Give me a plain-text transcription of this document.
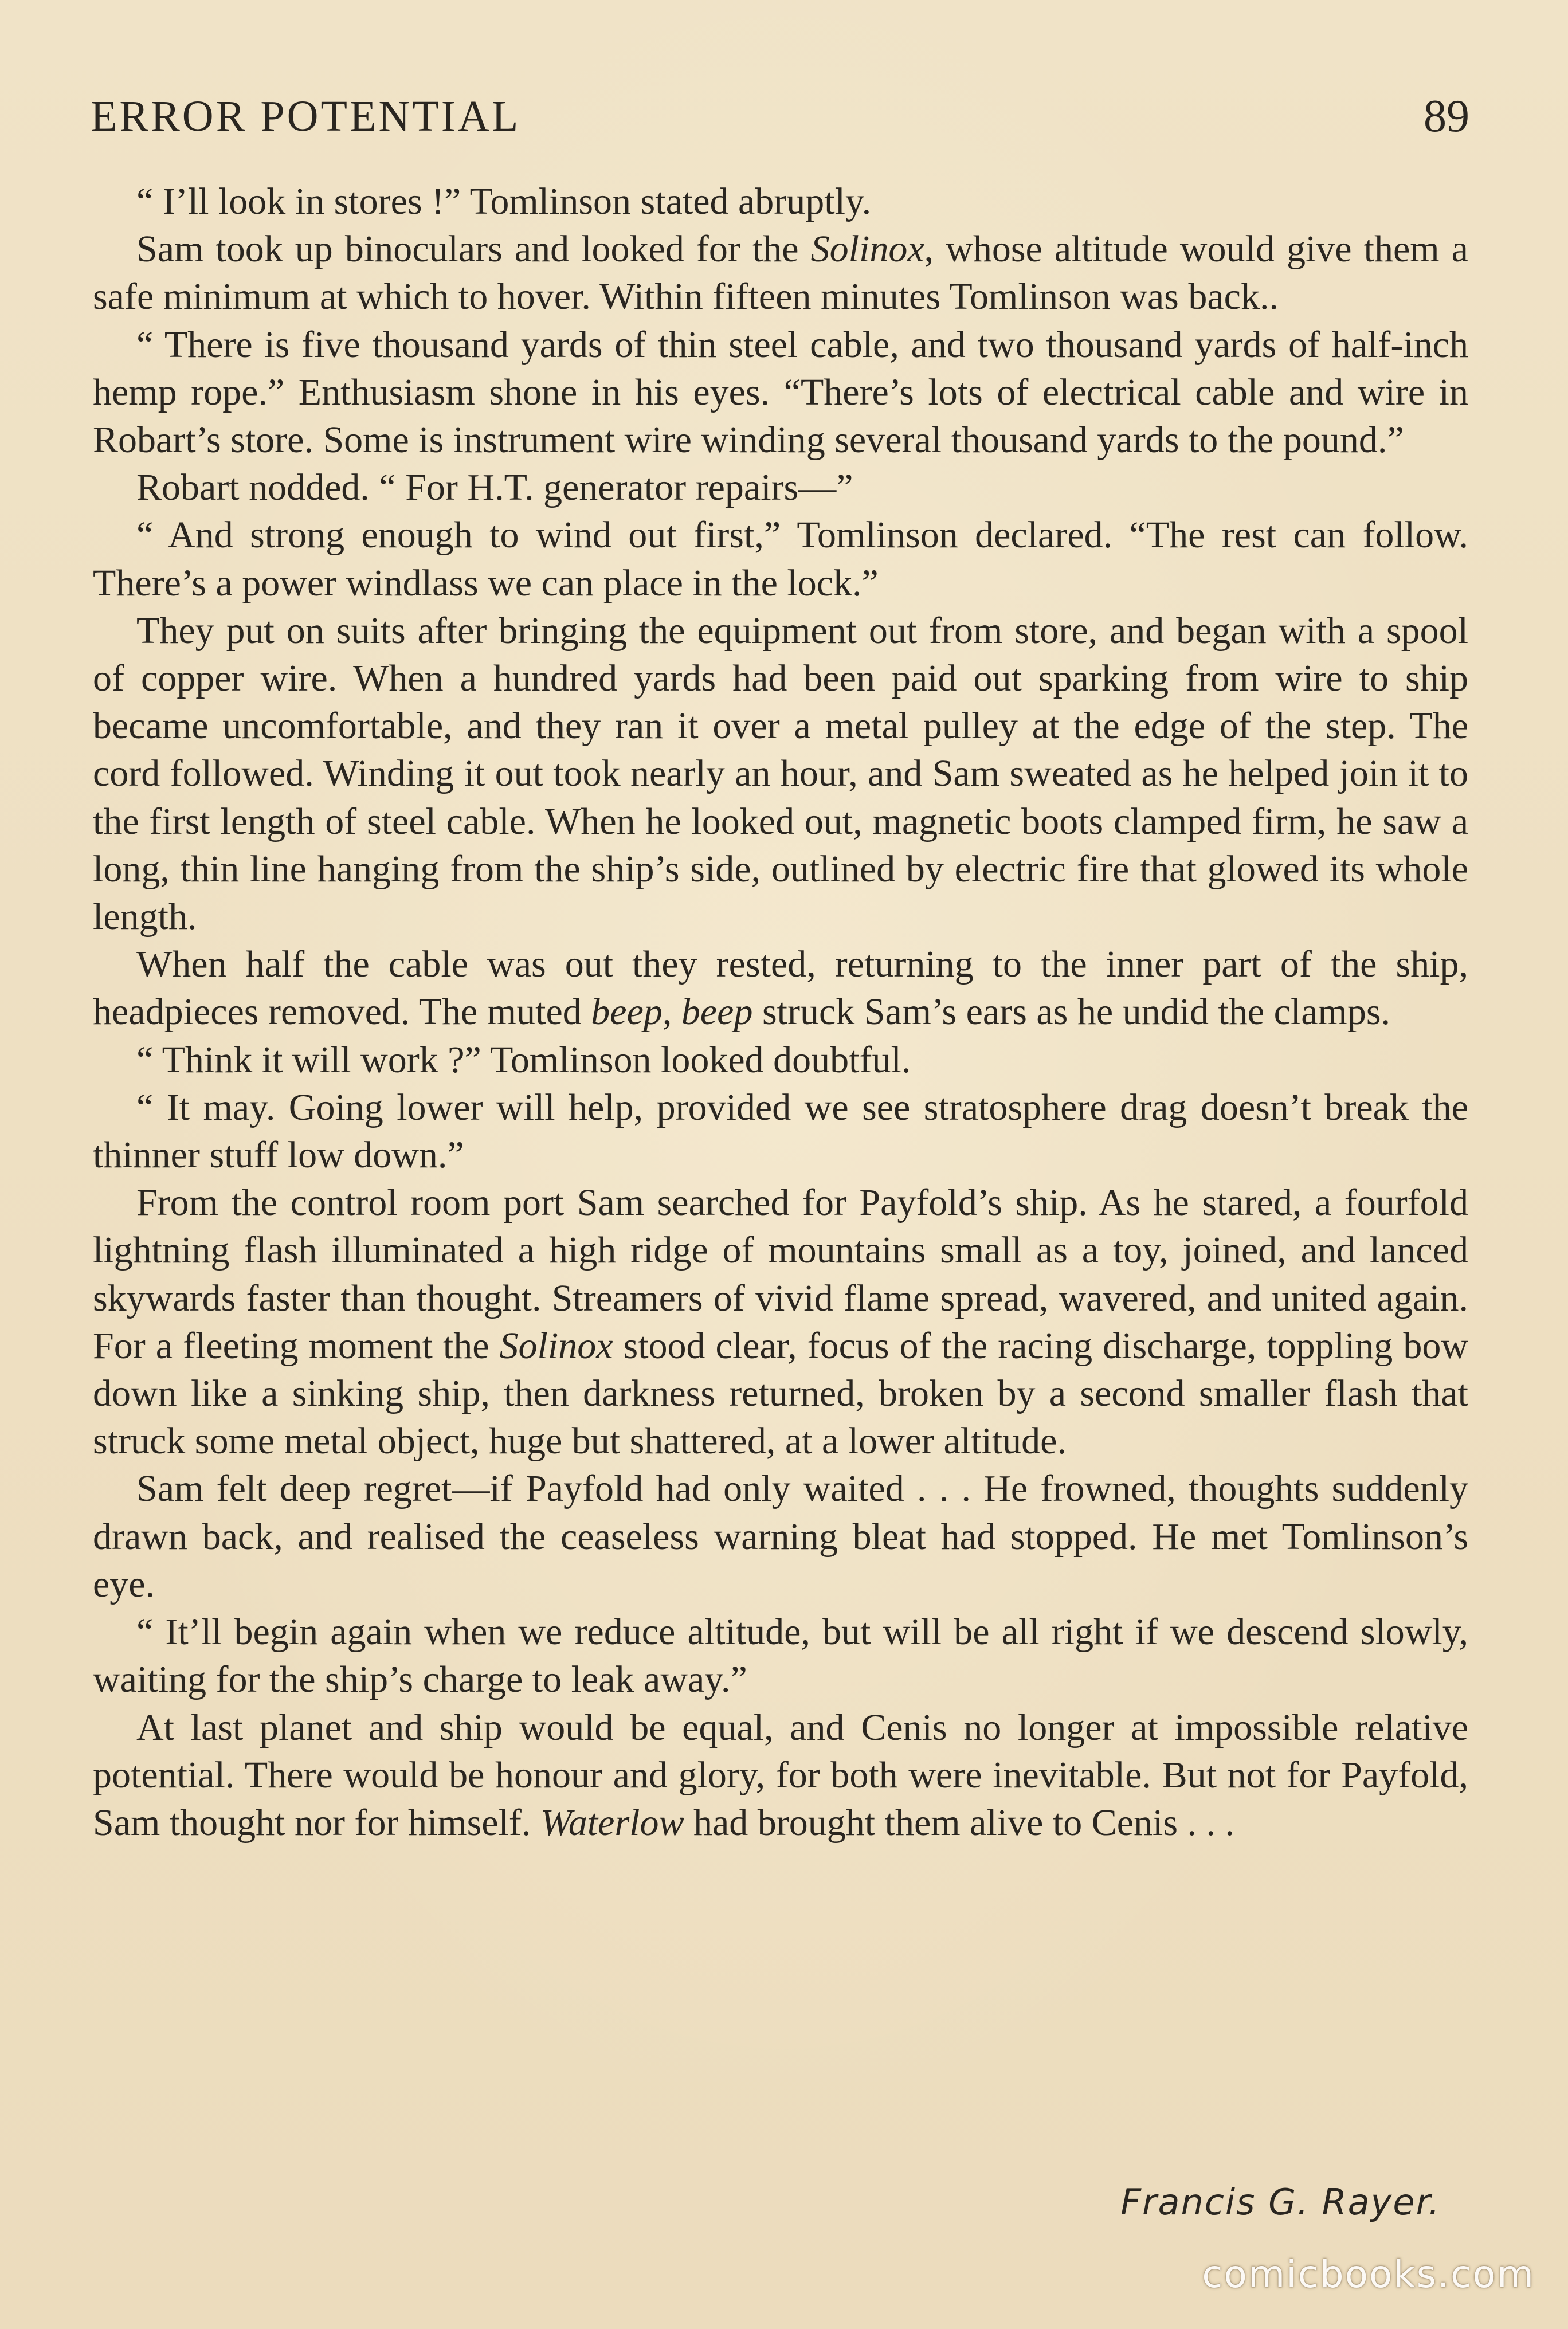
ERROR POTENTIAL	89

“ I’ll look in stores !” Tomlinson stated abruptly.

Sam took up binoculars and looked for the Solinox, whose altitude would give them a safe minimum at which to hover. Within fifteen minutes Tomlinson was back..

“ There is five thousand yards of thin steel cable, and two thousand yards of half-inch hemp rope.” Enthusiasm shone in his eyes. “There’s lots of electrical cable and wire in Robart’s store. Some is instrument wire winding several thousand yards to the pound.”

Robart nodded. “ For H.T. generator repairs—”

“ And strong enough to wind out first,” Tomlinson declared. “The rest can follow. There’s a power windlass we can place in the lock.”

They put on suits after bringing the equipment out from store, and began with a spool of copper wire. When a hundred yards had been paid out sparking from wire to ship became uncomfortable, and they ran it over a metal pulley at the edge of the step. The cord followed. Winding it out took nearly an hour, and Sam sweated as he helped join it to the first length of steel cable. When he looked out, magnetic boots clamped firm, he saw a long, thin line hanging from the ship’s side, outlined by electric fire that glowed its whole length.

When half the cable was out they rested, returning to the inner part of the ship, headpieces removed. The muted beep, beep struck Sam’s ears as he undid the clamps.

“ Think it will work ?” Tomlinson looked doubtful.

“ It may. Going lower will help, provided we see stratosphere drag doesn’t break the thinner stuff low down.”

From the control room port Sam searched for Payfold’s ship. As he stared, a fourfold lightning flash illuminated a high ridge of mountains small as a toy, joined, and lanced skywards faster than thought. Streamers of vivid flame spread, wavered, and united again. For a fleeting moment the Solinox stood clear, focus of the racing discharge, toppling bow down like a sinking ship, then darkness returned, broken by a second smaller flash that struck some metal object, huge but shattered, at a lower altitude.

Sam felt deep regret—if Payfold had only waited . . . He frowned, thoughts suddenly drawn back, and realised the ceaseless warning bleat had stopped. He met Tomlinson’s eye.

“ It’ll begin again when we reduce altitude, but will be all right if we descend slowly, waiting for the ship’s charge to leak away.”

At last planet and ship would be equal, and Cenis no longer at impossible relative potential. There would be honour and glory, for both were inevitable. But not for Payfold, Sam thought nor for himself. Waterlow had brought them alive to Cenis . . .

Francis G. Rayer.
comicbooks.com
